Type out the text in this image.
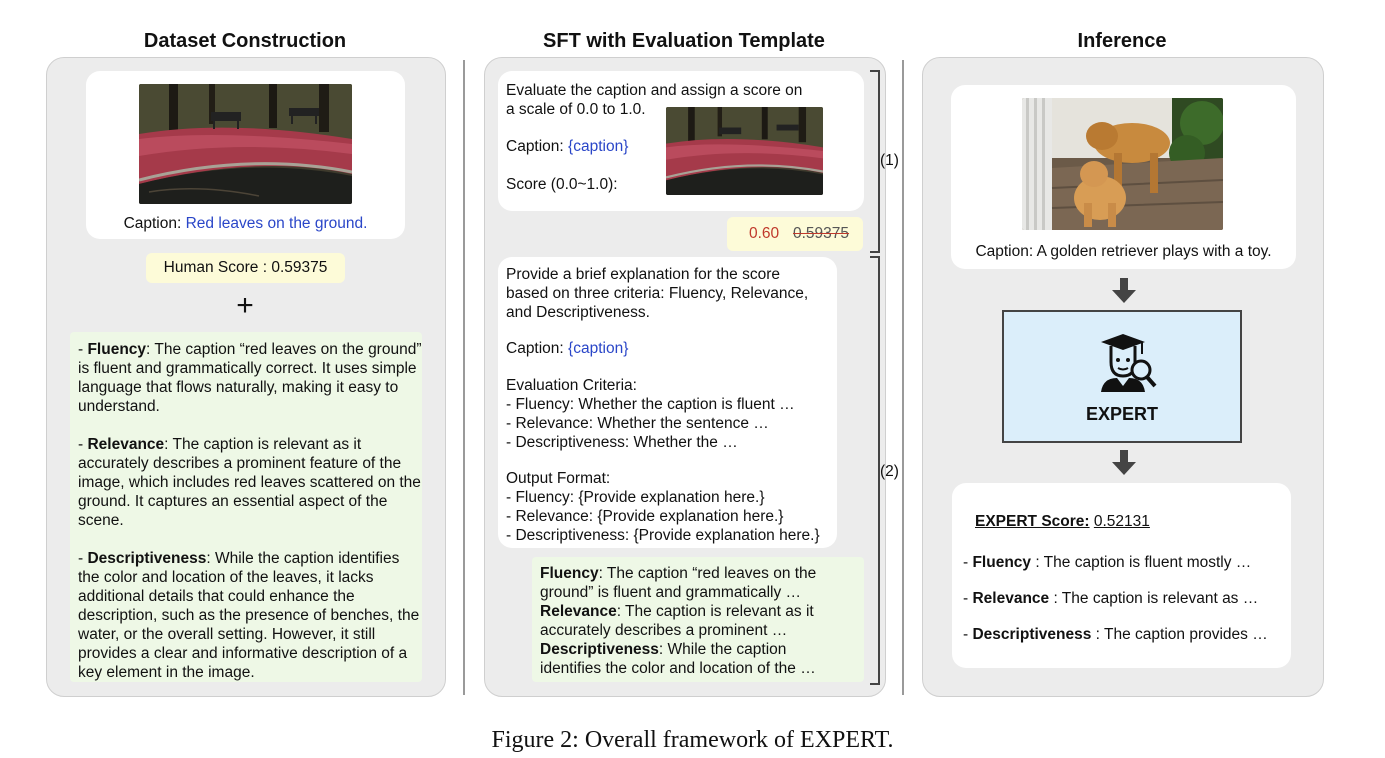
Dataset Construction	SFT with Evaluation Template	Inference
Caption: Red leaves on the ground.
Human Score : 0.59375
+

- Fluency: The caption “red leaves on the ground” is fluent and grammatically correct. It uses simple language that flows naturally, making it easy to understand.

- Relevance: The caption is relevant as it accurately describes a prominent feature of the image, which includes red leaves scattered on the ground. It captures an essential aspect of the scene.

- Descriptiveness: While the caption identifies the color and location of the leaves, it lacks additional details that could enhance the description, such as the presence of benches, the water, or the overall setting. However, it still provides a clear and informative description of a key element in the image.

Evaluate the caption and assign a score on
a scale of 0.0 to 1.0.
Caption: {caption}
Score (0.0~1.0):
0.60 0.59375
(1)
(2)
Provide a brief explanation for the score
based on three criteria: Fluency, Relevance,
and Descriptiveness.
Caption: {caption}
Evaluation Criteria:
- Fluency: Whether the caption is fluent …
- Relevance: Whether the sentence …
- Descriptiveness: Whether the …
Output Format:
- Fluency: {Provide explanation here.}
- Relevance: {Provide explanation here.}
- Descriptiveness: {Provide explanation here.}
Fluency: The caption “red leaves on the
ground” is fluent and grammatically …
Relevance: The caption is relevant as it
accurately describes a prominent …
Descriptiveness: While the caption
identifies the color and location of the …
Caption: A golden retriever plays with a toy.
EXPERT
EXPERT Score: 0.52131
- Fluency : The caption is fluent mostly …
- Relevance : The caption is relevant as …
- Descriptiveness : The caption provides …
Figure 2: Overall framework of EXPERT.
